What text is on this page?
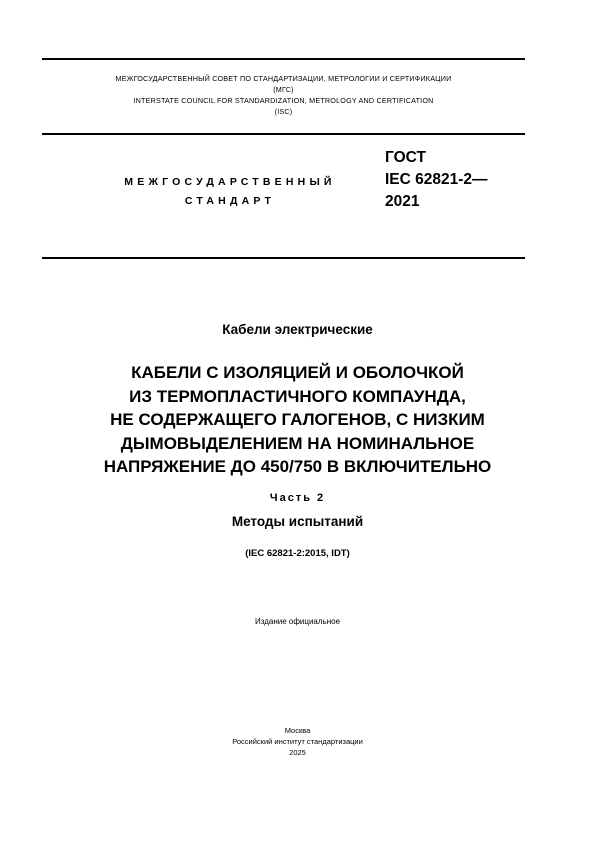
МЕЖГОСУДАРСТВЕННЫЙ СОВЕТ ПО СТАНДАРТИЗАЦИИ, МЕТРОЛОГИИ И СЕРТИФИКАЦИИ
(МГС)
INTERSTATE COUNCIL FOR STANDARDIZATION, METROLOGY AND CERTIFICATION
(ISC)
МЕЖГОСУДАРСТВЕННЫЙ
СТАНДАРТ
ГОСТ
IEC 62821-2—
2021
Кабели электрические
КАБЕЛИ С ИЗОЛЯЦИЕЙ И ОБОЛОЧКОЙ
ИЗ ТЕРМОПЛАСТИЧНОГО КОМПАУНДА,
НЕ СОДЕРЖАЩЕГО ГАЛОГЕНОВ, С НИЗКИМ
ДЫМОВЫДЕЛЕНИЕМ НА НОМИНАЛЬНОЕ
НАПРЯЖЕНИЕ ДО 450/750 В ВКЛЮЧИТЕЛЬНО
Часть 2
Методы испытаний
(IEC 62821-2:2015, IDT)
Издание официальное
Москва
Российский институт стандартизации
2025
